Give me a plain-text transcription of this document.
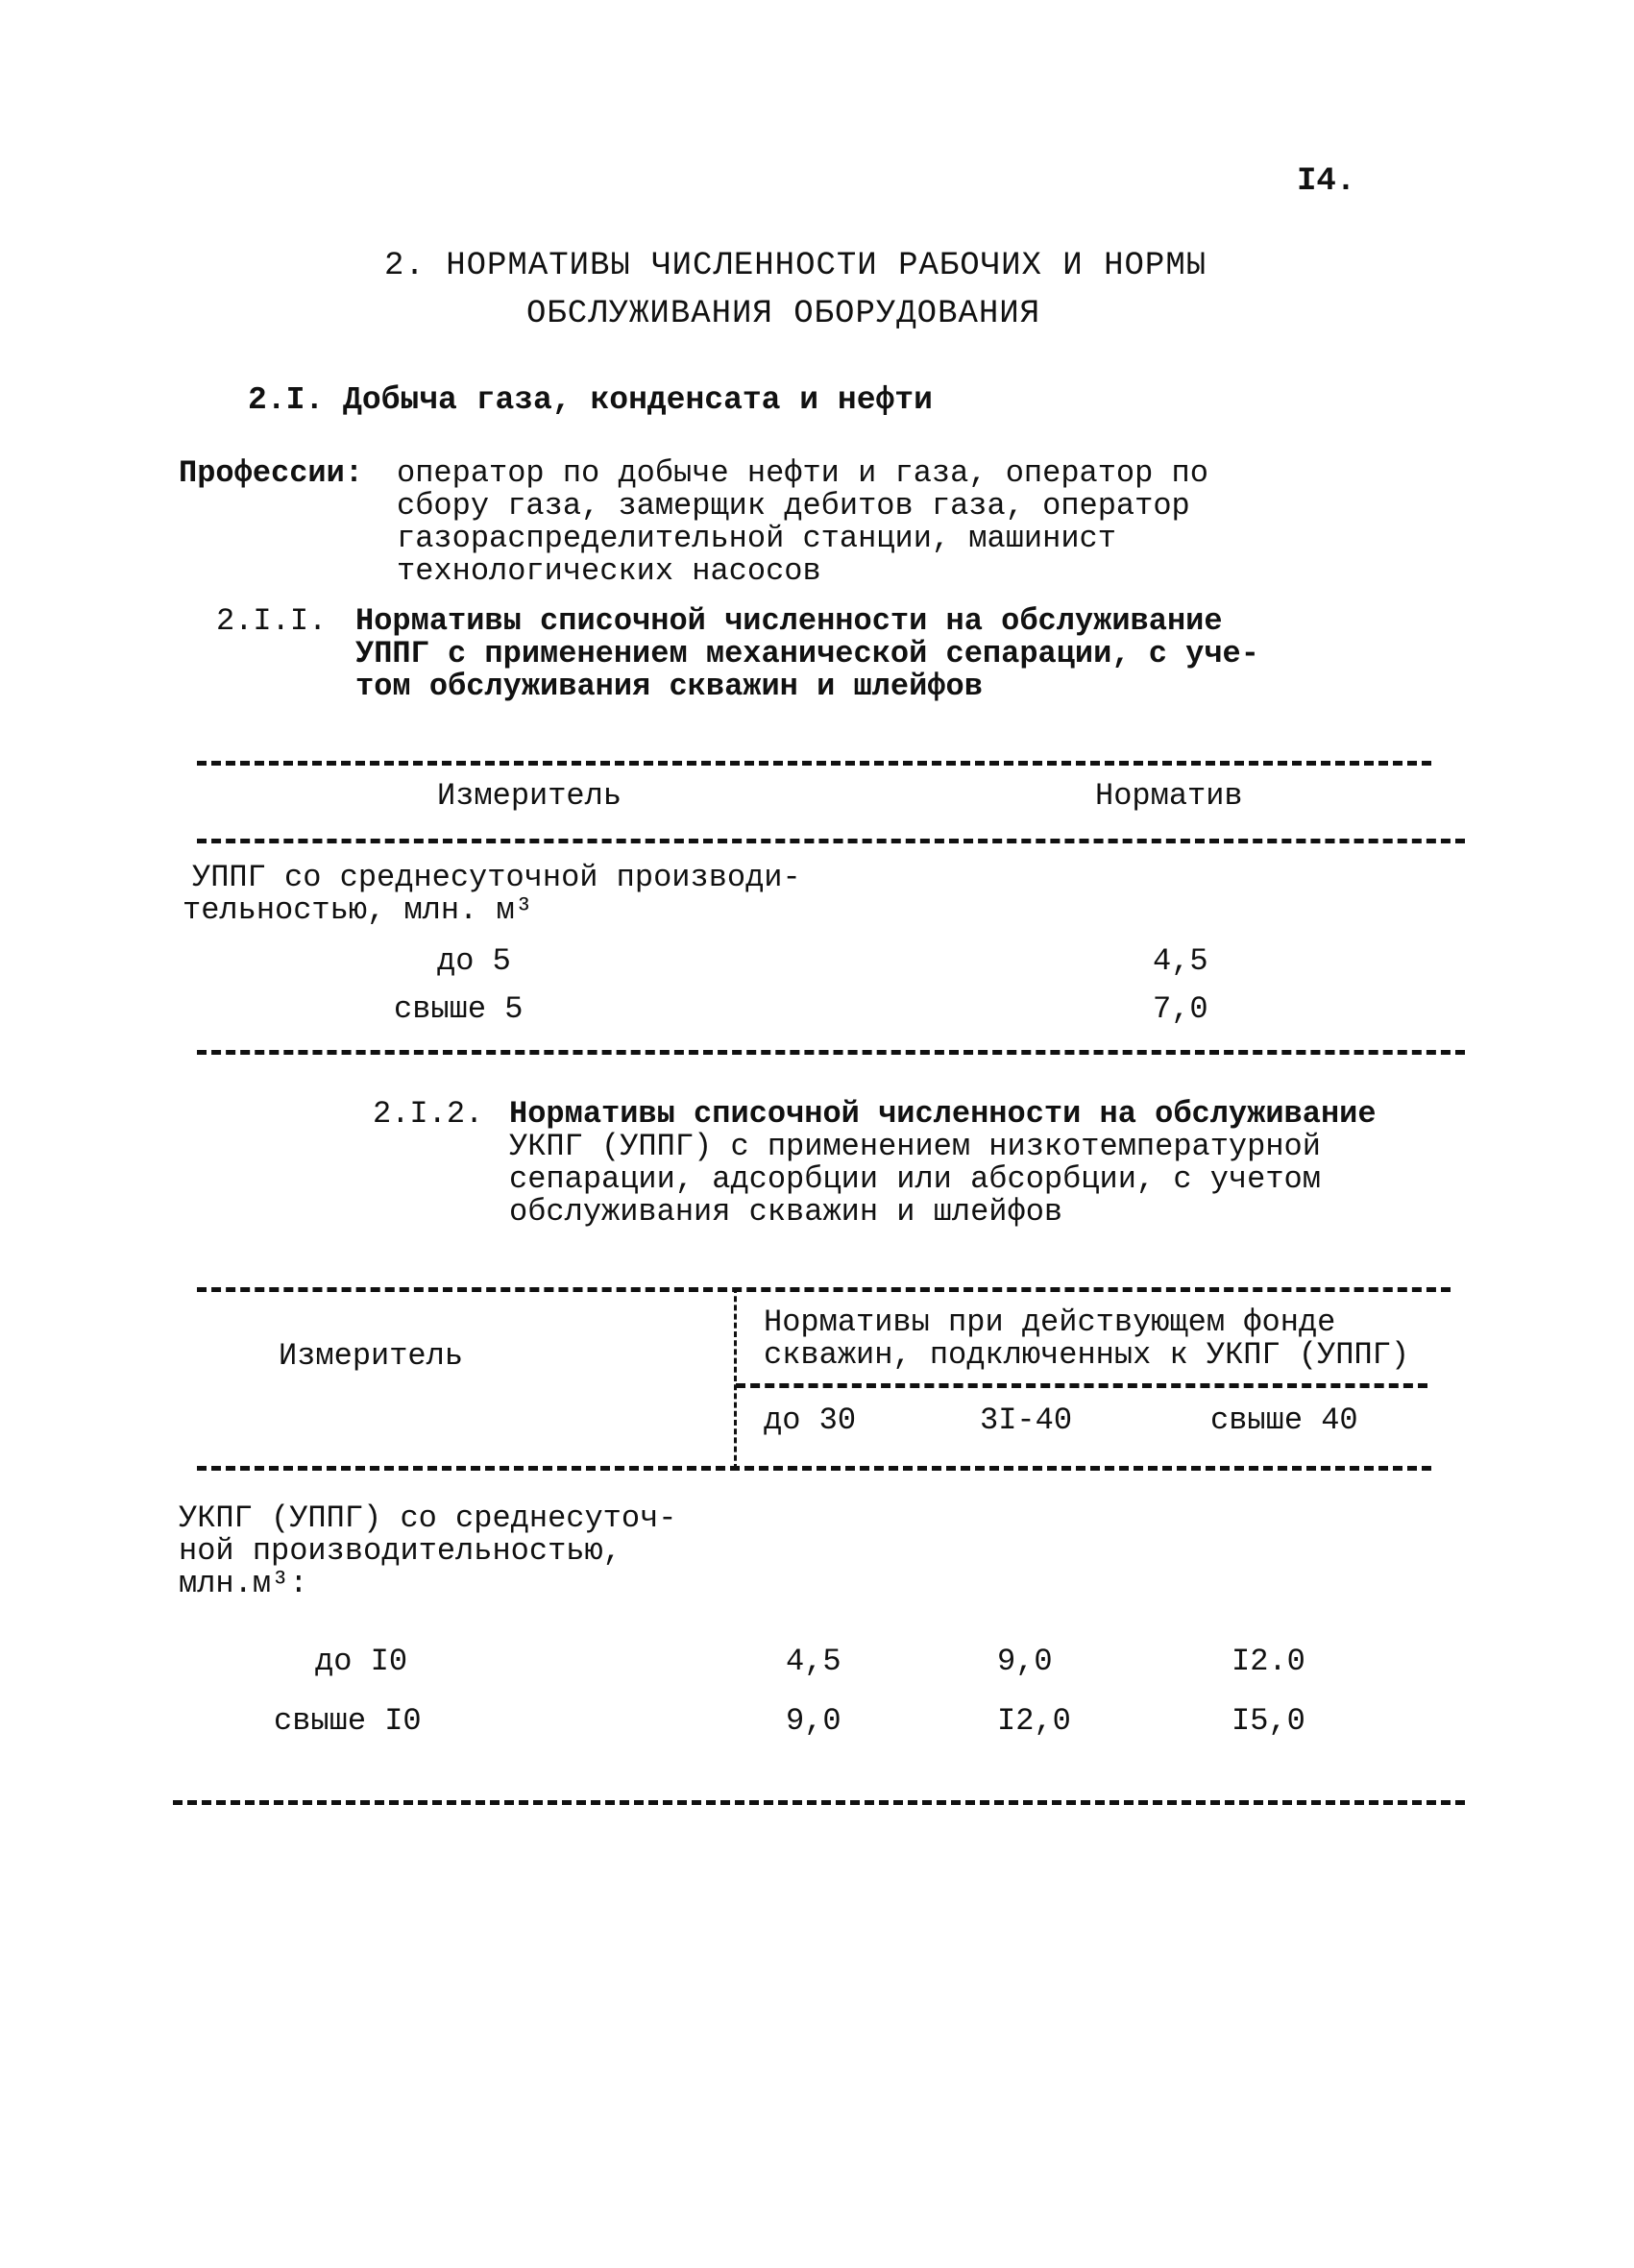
I4.
2. НОРМАТИВЫ ЧИСЛЕННОСТИ РАБОЧИХ И НОРМЫ
ОБСЛУЖИВАНИЯ ОБОРУДОВАНИЯ
2.I. Добыча газа, конденсата и нефти
Профессии: оператор по добыче нефти и газа, оператор по
сбору газа, замерщик дебитов газа, оператор
газораспределительной станции, машинист
технологических насосов
2.I.I. Нормативы списочной численности на обслуживание
УППГ с применением механической сепарации, с уче-
том обслуживания скважин и шлейфов
Измеритель	Норматив
УППГ со среднесуточной производи-
тельностью, млн. м³
до 5	4,5
свыше 5	7,0
2.I.2. Нормативы списочной численности на обслуживание
УКПГ (УППГ) с применением низкотемпературной
сепарации, адсорбции или абсорбции, с учетом
обслуживания скважин и шлейфов
Измеритель
Нормативы при действующем фонде
скважин, подключенных к УКПГ (УППГ)
до 30	3I-40	свыше 40
УКПГ (УППГ) со среднесуточ-
ной производительностью,
млн.м³:
до I0	4,5	9,0	I2.0
свыше I0	9,0	I2,0	I5,0
